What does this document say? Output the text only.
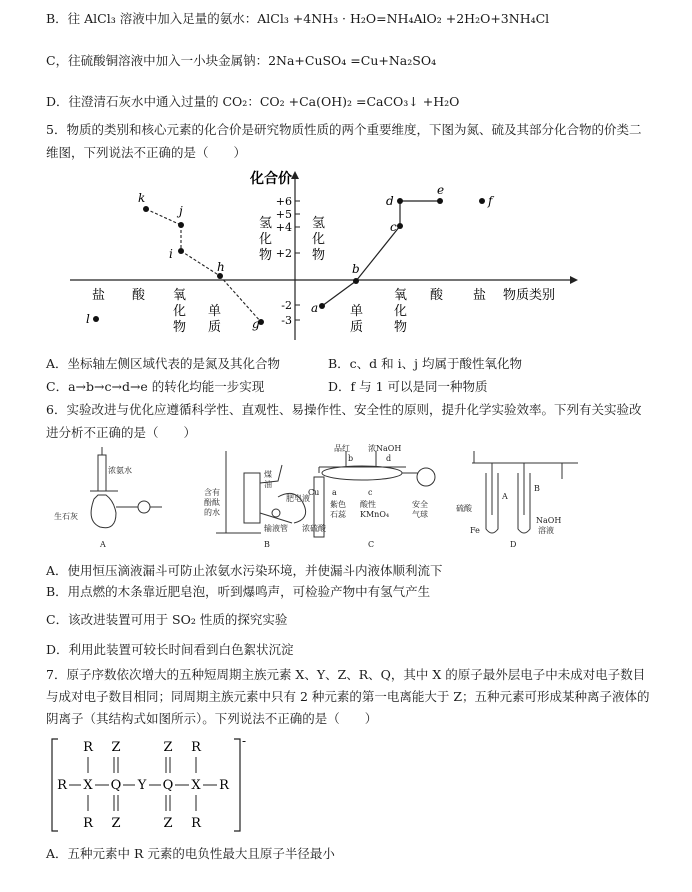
B．往 AlCl₃ 溶液中加入足量的氨水：AlCl₃ +4NH₃ · H₂O=NH₄AlO₂ +2H₂O+3NH₄Cl
C，往硫酸铜溶液中加入一小块金属钠：2Na+CuSO₄ =Cu+Na₂SO₄
D．往澄清石灰水中通入过量的 CO₂：CO₂ +Ca(OH)₂ =CaCO₃↓ +H₂O
5．物质的类别和核心元素的化合价是研究物质性质的两个重要维度，下图为氮、硫及其部分化合物的价类二
维图，下列说法不正确的是（　　）
化合价
+6
+5
+4
+2
-2
-3
氢
化
物
氢
化
物
盐 酸 氧
化
物
单
质
单
质
氧
化
物
酸 盐 物质类别
k
j
i
h
g
l
a
b
c
d
e
f
A．坐标轴左侧区域代表的是氮及其化合物	B．c、d 和 i、j 均属于酸性氧化物
C．a→b→c→d→e 的转化均能一步实现	D．f 与 1 可以是同一种物质
6．实验改进与优化应遵循科学性、直观性、易操作性、安全性的原则，提升化学实验效率。下列有关实验改
进分析不正确的是（　　）
浓氨水
生石灰
A
含有
酚酞
的水
煤
油
肥皂液
输液管
B
品红 浓NaOH
b	d
Cu a	c
紫色
石蕊
酸性
KMnO₄
安全
气球
浓硫酸
C
硫酸
Fe
A
B
NaOH
溶液
D
A．使用恒压滴液漏斗可防止浓氨水污染环境，并使漏斗内液体顺利流下
B．用点燃的木条靠近肥皂泡，听到爆鸣声，可检验产物中有氢气产生
C．该改进装置可用于 SO₂ 性质的探究实验
D．利用此装置可较长时间看到白色絮状沉淀
7．原子序数依次增大的五种短周期主族元素 X、Y、Z、R、Q，其中 X 的原子最外层电子中未成对电子数目
与成对电子数目相同；同周期主族元素中只有 2 种元素的第一电离能大于 Z；五种元素可形成某种离子液体的
阴离子（其结构式如图所示）。下列说法不正确的是（　　）
-
R Z	Z R
R X Q Y Q X R
R Z	Z R
A．五种元素中 R 元素的电负性最大且原子半径最小
